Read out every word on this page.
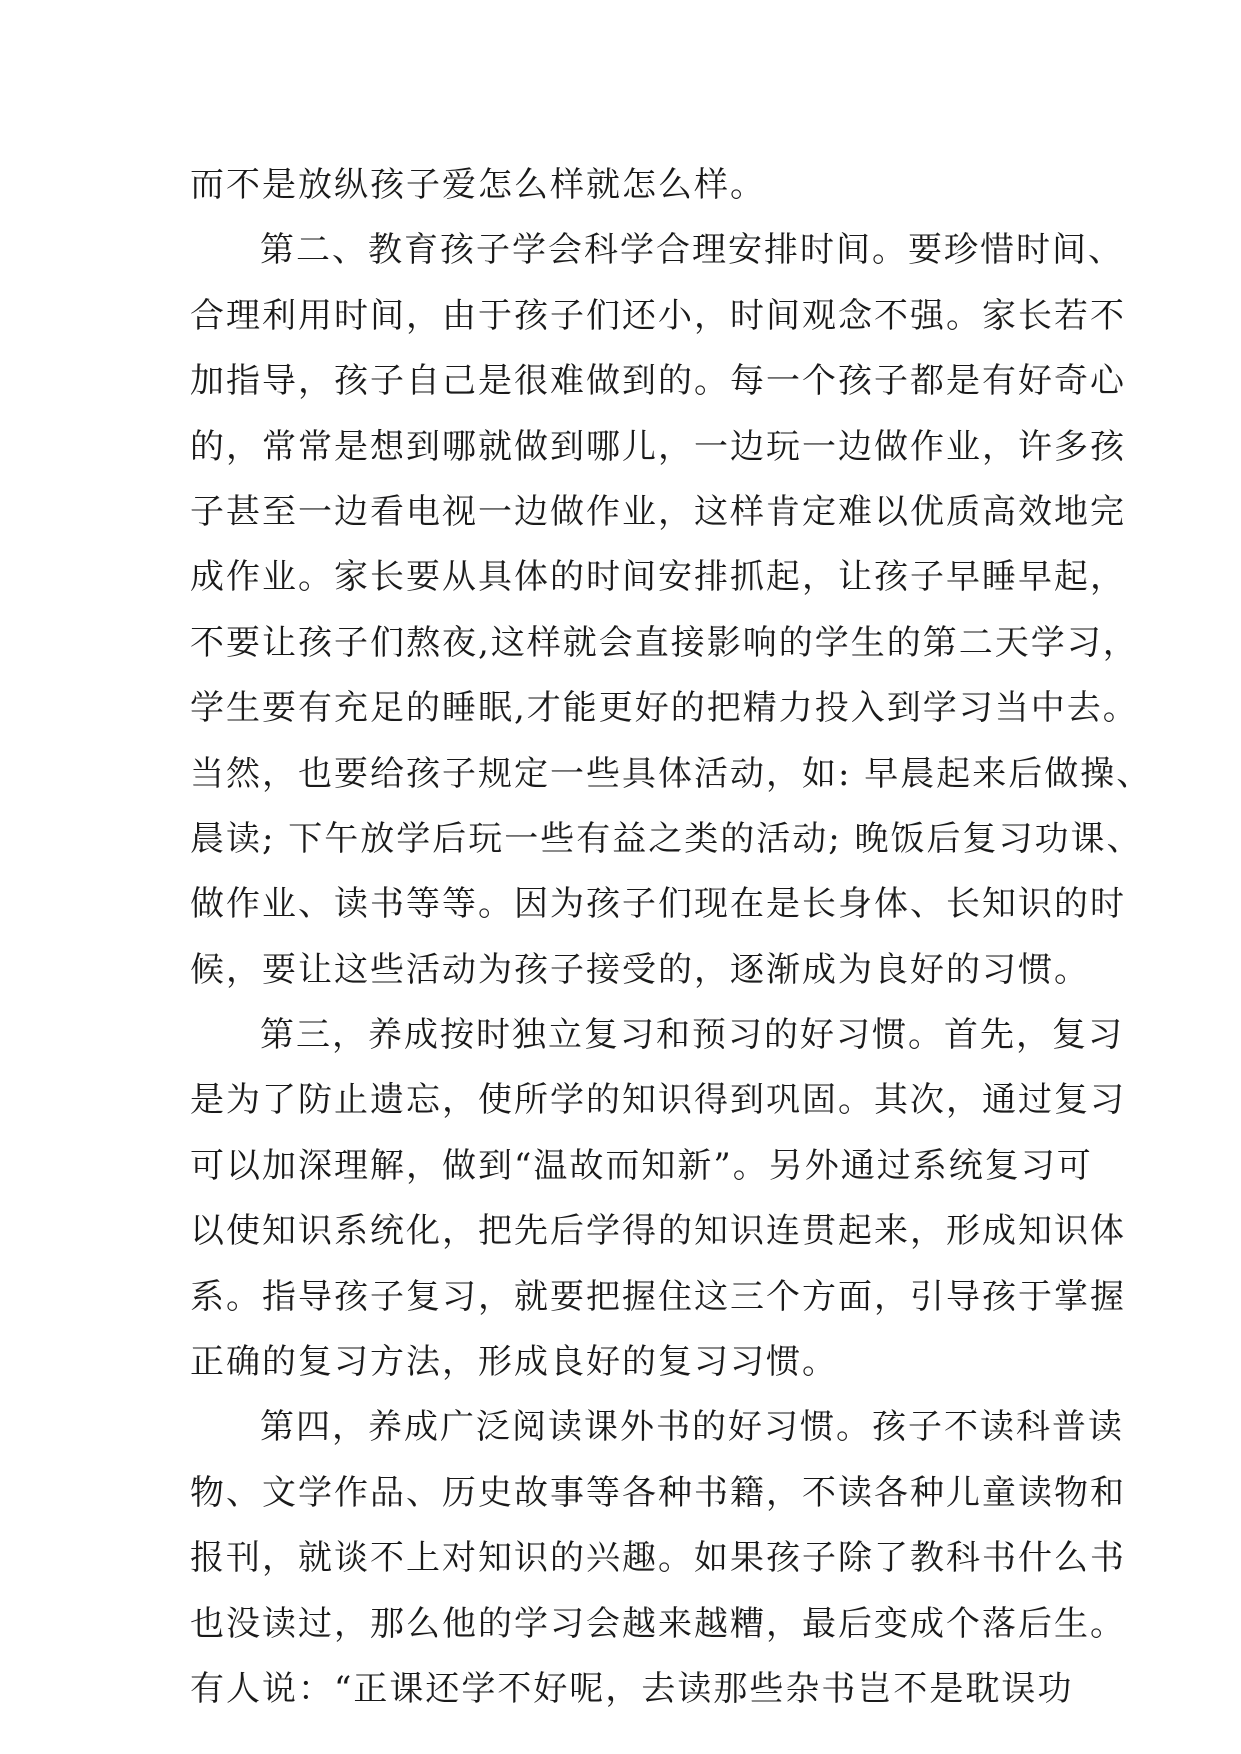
而不是放纵孩子爱怎么样就怎么样。
第二、教育孩子学会科学合理安排时间。要珍惜时间、
合理利用时间，由于孩子们还小，时间观念不强。家长若不
加指导，孩子自己是很难做到的。每一个孩子都是有好奇心
的，常常是想到哪就做到哪儿，一边玩一边做作业，许多孩
子甚至一边看电视一边做作业，这样肯定难以优质高效地完
成作业。家长要从具体的时间安排抓起，让孩子早睡早起，
不要让孩子们熬夜,这样就会直接影响的学生的第二天学习，
学生要有充足的睡眠,才能更好的把精力投入到学习当中去。
当然，也要给孩子规定一些具体活动，如: 早晨起来后做操、
晨读; 下午放学后玩一些有益之类的活动; 晚饭后复习功课、
做作业、读书等等。因为孩子们现在是长身体、长知识的时
候，要让这些活动为孩子接受的，逐渐成为良好的习惯。
第三，养成按时独立复习和预习的好习惯。首先，复习
是为了防止遗忘，使所学的知识得到巩固。其次，通过复习
可以加深理解，做到“温故而知新”。另外通过系统复习可
以使知识系统化，把先后学得的知识连贯起来，形成知识体
系。指导孩子复习，就要把握住这三个方面，引导孩于掌握
正确的复习方法，形成良好的复习习惯。
第四，养成广泛阅读课外书的好习惯。孩子不读科普读
物、文学作品、历史故事等各种书籍，不读各种儿童读物和
报刊，就谈不上对知识的兴趣。如果孩子除了教科书什么书
也没读过，那么他的学习会越来越糟，最后变成个落后生。
有人说：“正课还学不好呢，去读那些杂书岂不是耽误功
